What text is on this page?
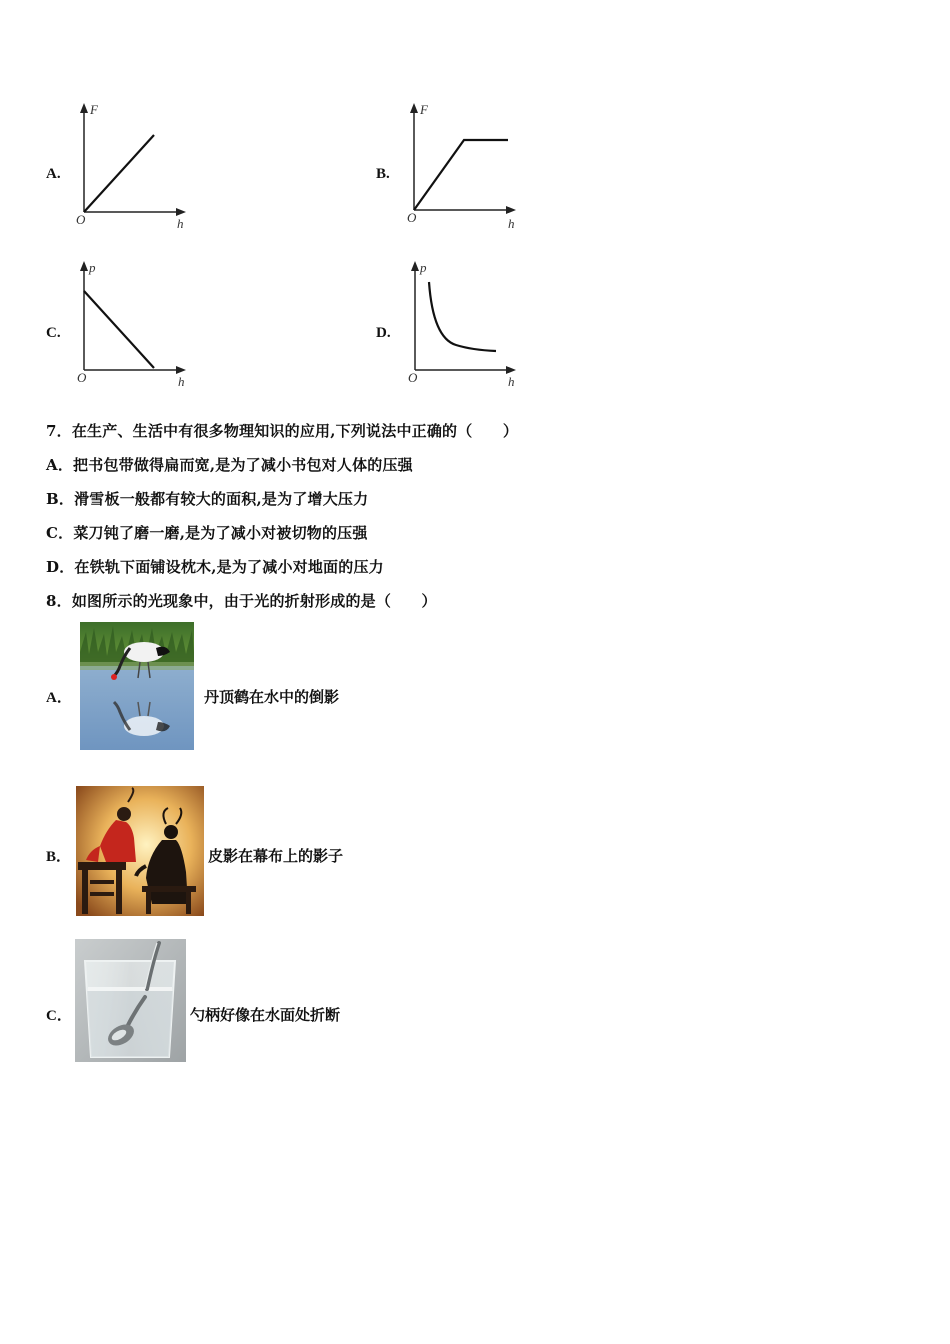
A.
F
O	h
B.
F
O	h
C.
p
O	h
D.
p
O	h
7．在生产、生活中有很多物理知识的应用,下列说法中正确的（　　）
A．把书包带做得扁而宽,是为了减小书包对人体的压强
B．滑雪板一般都有较大的面积,是为了增大压力
C．菜刀钝了磨一磨,是为了减小对被切物的压强
D．在铁轨下面铺设枕木,是为了减小对地面的压力
8．如图所示的光现象中，由于光的折射形成的是（　　）
A．	丹顶鹤在水中的倒影
B．	皮影在幕布上的影子
C．	勺柄好像在水面处折断
